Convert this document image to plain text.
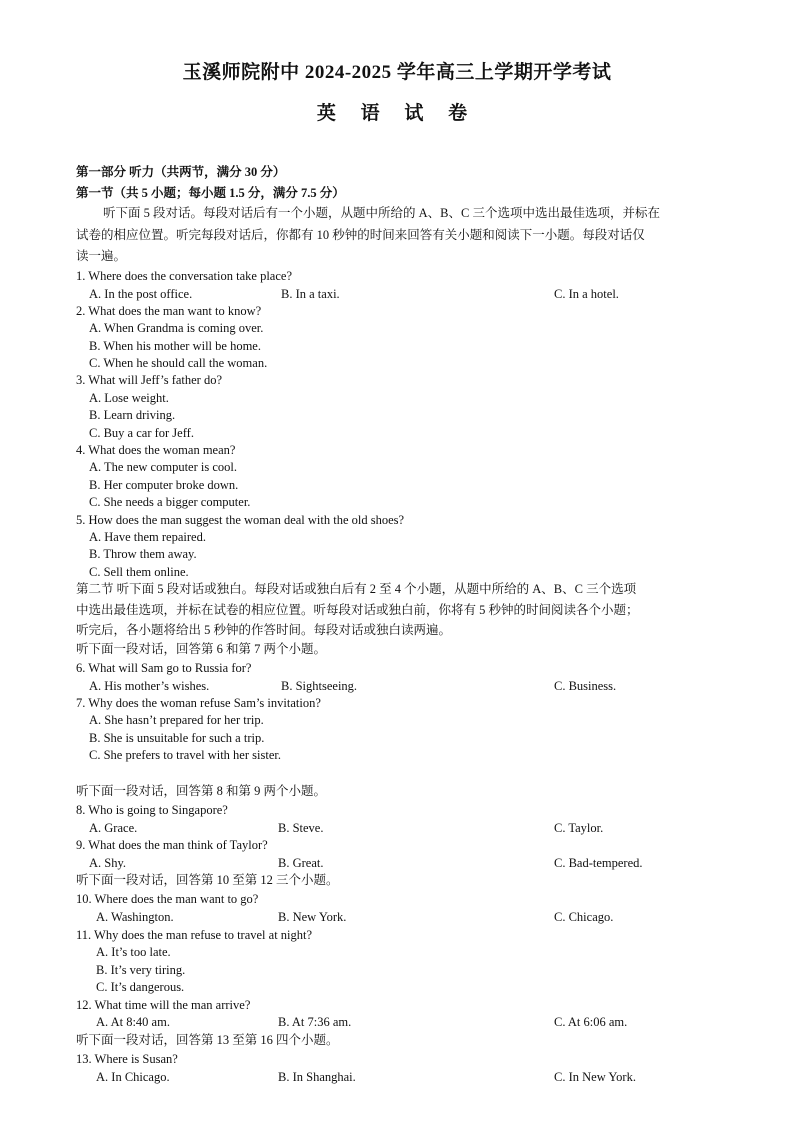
玉溪师院附中 2024-2025 学年高三上学期开学考试
英 语 试 卷
第一部分 听力（共两节，满分 30 分）
第一节（共 5 小题；每小题 1.5 分，满分 7.5 分）
听下面 5 段对话。每段对话后有一个小题，从题中所给的 A、B、C 三个选项中选出最佳选项，并标在
试卷的相应位置。听完每段对话后，你都有 10 秒钟的时间来回答有关小题和阅读下一小题。每段对话仅
读一遍。
1. Where does the conversation take place?
A. In the post office.	B. In a taxi.	C. In a hotel.
2. What does the man want to know?
A. When Grandma is coming over.
B. When his mother will be home.
C. When he should call the woman.
3. What will Jeff’s father do?
A. Lose weight.
B. Learn driving.
C. Buy a car for Jeff.
4. What does the woman mean?
A. The new computer is cool.
B. Her computer broke down.
C. She needs a bigger computer.
5. How does the man suggest the woman deal with the old shoes?
A. Have them repaired.
B. Throw them away.
C. Sell them online.
第二节 听下面 5 段对话或独白。每段对话或独白后有 2 至 4 个小题，从题中所给的 A、B、C 三个选项
中选出最佳选项，并标在试卷的相应位置。听每段对话或独白前，你将有 5 秒钟的时间阅读各个小题；
听完后，各小题将给出 5 秒钟的作答时间。每段对话或独白读两遍。
听下面一段对话，回答第 6 和第 7 两个小题。
6. What will Sam go to Russia for?
A. His mother’s wishes.	B. Sightseeing.	C. Business.
7. Why does the woman refuse Sam’s invitation?
A. She hasn’t prepared for her trip.
B. She is unsuitable for such a trip.
C. She prefers to travel with her sister.
听下面一段对话，回答第 8 和第 9 两个小题。
8. Who is going to Singapore?
A. Grace.	B. Steve.	C. Taylor.
9. What does the man think of Taylor?
A. Shy.	B. Great.	C. Bad-tempered.
听下面一段对话，回答第 10 至第 12 三个小题。
10. Where does the man want to go?
A. Washington.	B. New York.	C. Chicago.
11. Why does the man refuse to travel at night?
A. It’s too late.
B. It’s very tiring.
C. It’s dangerous.
12. What time will the man arrive?
A. At 8:40 am.	B. At 7:36 am.	C. At 6:06 am.
听下面一段对话，回答第 13 至第 16 四个小题。
13. Where is Susan?
A. In Chicago.	B. In Shanghai.	C. In New York.
